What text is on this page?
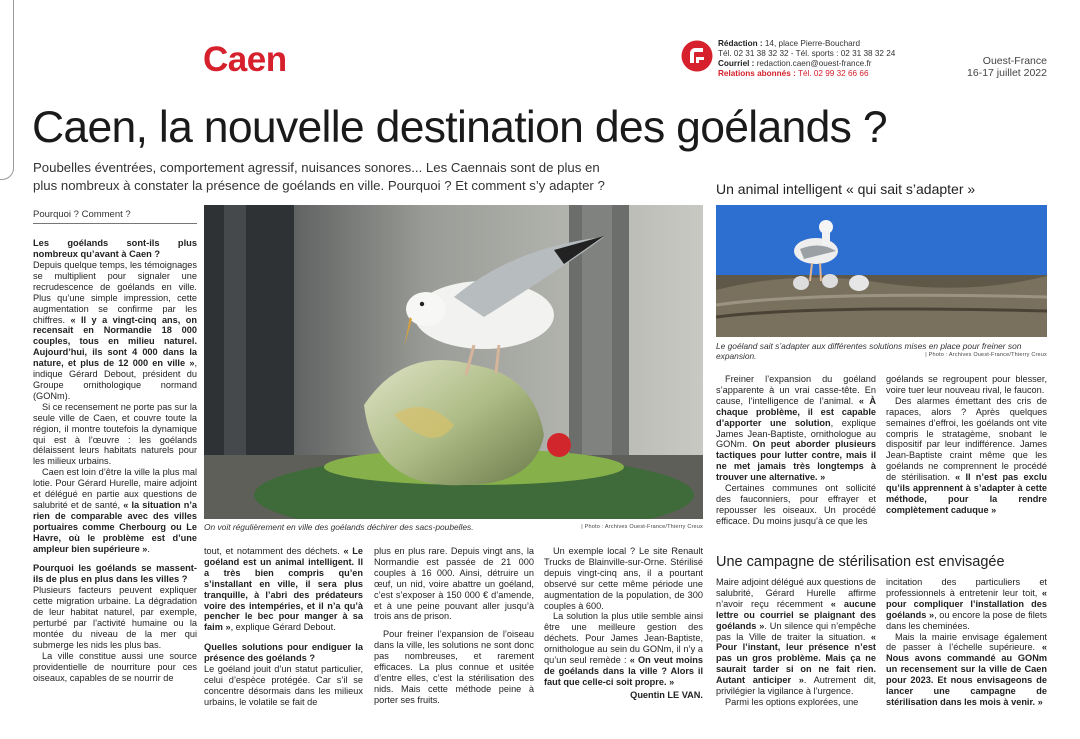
Caen	Rédaction : 14, place Pierre-Bouchard
Tél. 02 31 38 32 32 - Tél. sports : 02 31 38 32 24
Courriel : redaction.caen@ouest-france.fr
Relations abonnés : Tél. 02 99 32 66 66
Ouest-France
16-17 juillet 2022
Caen, la nouvelle destination des goélands ?
Poubelles éventrées, comportement agressif, nuisances sonores... Les Caennais sont de plus en plus nombreux à constater la présence de goélands en ville. Pourquoi ? Et comment s’y adapter ?	Un animal intelligent « qui sait s’adapter »
Pourquoi ? Comment ?
On voit régulièrement en ville des goélands déchirer des sacs-poubelles.	| Photo : Archives Ouest-France/Thierry Creux
Le goéland sait s’adapter aux différentes solutions mises en place pour freiner son expansion.	| Photo : Archives Ouest-France/Thierry Creux
Les goélands sont-ils plus nombreux qu’avant à Caen ?

Depuis quelque temps, les témoignages se multiplient pour signaler une recrudescence de goélands en ville. Plus qu’une simple impression, cette augmentation se confirme par les chiffres. « Il y a vingt-cinq ans, on recensait en Normandie 18 000 couples, tous en milieu naturel. Aujourd’hui, ils sont 4 000 dans la nature, et plus de 12 000 en ville », indique Gérard Debout, président du Groupe ornithologique normand (GONm).

Si ce recensement ne porte pas sur la seule ville de Caen, et couvre toute la région, il montre toutefois la dynamique qui est à l’œuvre : les goélands délaissent leurs habitats naturels pour les milieux urbains.

Caen est loin d’être la ville la plus mal lotie. Pour Gérard Hurelle, maire adjoint et délégué en partie aux questions de salubrité et de santé, « la situation n’a rien de comparable avec des villes portuaires comme Cherbourg ou Le Havre, où le problème est d’une ampleur bien supérieure ».

Pourquoi les goélands se massent-ils de plus en plus dans les villes ?

Plusieurs facteurs peuvent expliquer cette migration urbaine. La dégradation de leur habitat naturel, par exemple, perturbé par l’activité humaine ou la montée du niveau de la mer qui submerge les nids les plus bas.

La ville constitue aussi une source providentielle de nourriture pour ces oiseaux, capables de se nourrir de

tout, et notamment des déchets. « Le goéland est un animal intelligent. Il a très bien compris qu’en s’installant en ville, il sera plus tranquille, à l’abri des prédateurs voire des intempéries, et il n’a qu’à pencher le bec pour manger à sa faim », explique Gérard Debout.

Quelles solutions pour endiguer la présence des goélands ?

Le goéland jouit d’un statut particulier, celui d’espèce protégée. Car s’il se concentre désormais dans les milieux urbains, le volatile se fait de

plus en plus rare. Depuis vingt ans, la Normandie est passée de 21 000 couples à 16 000. Ainsi, détruire un œuf, un nid, voire abattre un goéland, c’est s’exposer à 150 000 € d’amende, et à une peine pouvant aller jusqu’à trois ans de prison.

Pour freiner l’expansion de l’oiseau dans la ville, les solutions ne sont donc pas nombreuses, et rarement efficaces. La plus connue et usitée d’entre elles, c’est la stérilisation des nids. Mais cette méthode peine à porter ses fruits.

Un exemple local ? Le site Renault Trucks de Blainville-sur-Orne. Stérilisé depuis vingt-cinq ans, il a pourtant observé sur cette même période une augmentation de la population, de 300 couples à 600.

La solution la plus utile semble ainsi être une meilleure gestion des déchets. Pour James Jean-Baptiste, ornithologue au sein du GONm, il n’y a qu’un seul remède : « On veut moins de goélands dans la ville ? Alors il faut que celle-ci soit propre. »

Quentin LE VAN.

Freiner l’expansion du goéland s’apparente à un vrai casse-tête. En cause, l’intelligence de l’animal. « À chaque problème, il est capable d’apporter une solution, explique James Jean-Baptiste, ornithologue au GONm. On peut aborder plusieurs tactiques pour lutter contre, mais il ne met jamais très longtemps à trouver une alternative. »

Certaines communes ont sollicité des fauconniers, pour effrayer et repousser les oiseaux. Un procédé efficace. Du moins jusqu’à ce que les

goélands se regroupent pour blesser, voire tuer leur nouveau rival, le faucon.

Des alarmes émettant des cris de rapaces, alors ? Après quelques semaines d’effroi, les goélands ont vite compris le stratagème, snobant le dispositif par leur indifférence. James Jean-Baptiste craint même que les goélands ne comprennent le procédé de stérilisation. « Il n’est pas exclu qu’ils apprennent à s’adapter à cette méthode, pour la rendre complètement caduque »

Une campagne de stérilisation est envisagée

Maire adjoint délégué aux questions de salubrité, Gérard Hurelle affirme n’avoir reçu récemment « aucune lettre ou courriel se plaignant des goélands ». Un silence qui n’empêche pas la Ville de traiter la situation. « Pour l’instant, leur présence n’est pas un gros problème. Mais ça ne saurait tarder si on ne fait rien. Autant anticiper ». Autrement dit, privilégier la vigilance à l’urgence.

Parmi les options explorées, une

incitation des particuliers et professionnels à entretenir leur toit, « pour compliquer l’installation des goélands », ou encore la pose de filets dans les cheminées.

Mais la mairie envisage également de passer à l’échelle supérieure. « Nous avons commandé au GONm un recensement sur la ville de Caen pour 2023. Et nous envisageons de lancer une campagne de stérilisation dans les mois à venir. »
